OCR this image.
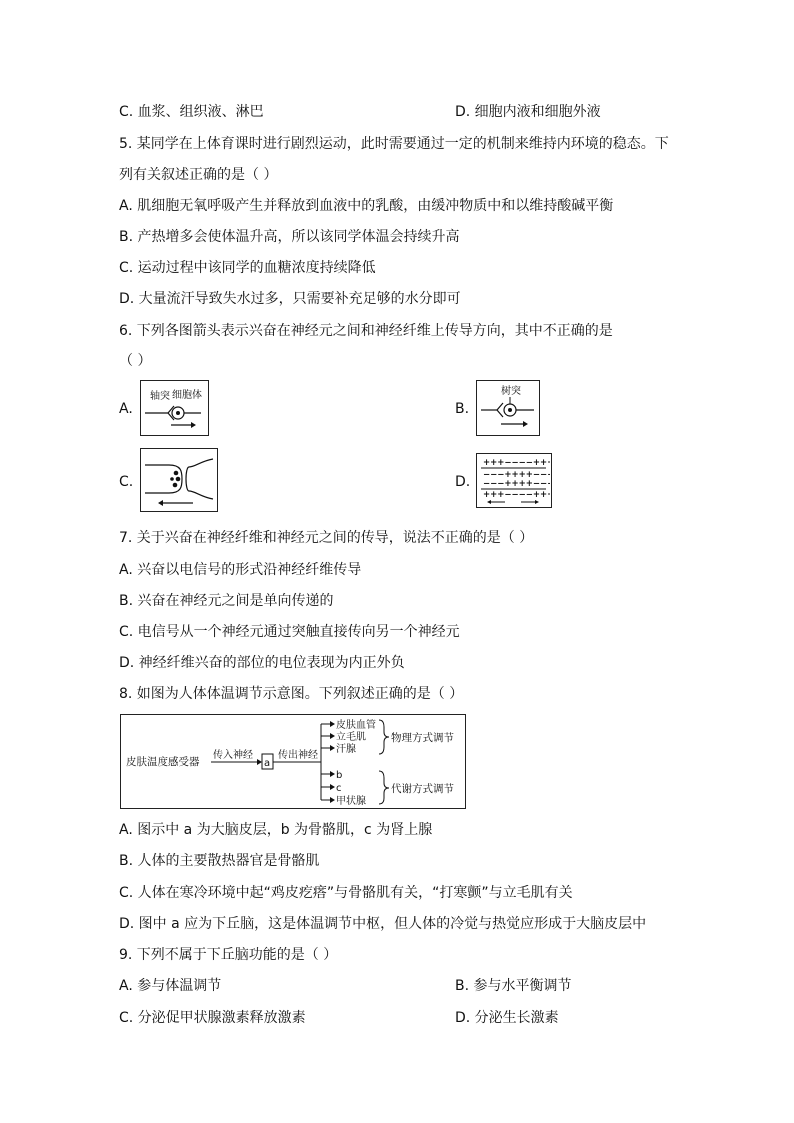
C. 血浆、组织液、淋巴	D. 细胞内液和细胞外液
5. 某同学在上体育课时进行剧烈运动，此时需要通过一定的机制来维持内环境的稳态。下
列有关叙述正确的是（ ）
A. 肌细胞无氧呼吸产生并释放到血液中的乳酸，由缓冲物质中和以维持酸碱平衡
B. 产热增多会使体温升高，所以该同学体温会持续升高
C. 运动过程中该同学的血糖浓度持续降低
D. 大量流汗导致失水过多，只需要补充足够的水分即可
6. 下列各图箭头表示兴奋在神经元之间和神经纤维上传导方向，其中不正确的是
（ ）
A.
轴突 细胞体
B.
树突
C.	D.
+++−−−−+++
−−−++++−−−
−−−++++−−−
+++−−−−+++
7. 关于兴奋在神经纤维和神经元之间的传导，说法不正确的是（ ）
A. 兴奋以电信号的形式沿神经纤维传导
B. 兴奋在神经元之间是单向传递的
C. 电信号从一个神经元通过突触直接传向另一个神经元
D. 神经纤维兴奋的部位的电位表现为内正外负
8. 如图为人体体温调节示意图。下列叙述正确的是（ ）
皮肤温度感受器
传入神经
a
传出神经
皮肤血管
立毛肌
汗腺
b
c
甲状腺
物理方式调节
代谢方式调节
A. 图示中 a 为大脑皮层，b 为骨骼肌，c 为肾上腺
B. 人体的主要散热器官是骨骼肌
C. 人体在寒冷环境中起“鸡皮疙瘩”与骨骼肌有关，“打寒颤”与立毛肌有关
D. 图中 a 应为下丘脑，这是体温调节中枢，但人体的冷觉与热觉应形成于大脑皮层中
9. 下列不属于下丘脑功能的是（ ）
A. 参与体温调节	B. 参与水平衡调节
C. 分泌促甲状腺激素释放激素	D. 分泌生长激素
